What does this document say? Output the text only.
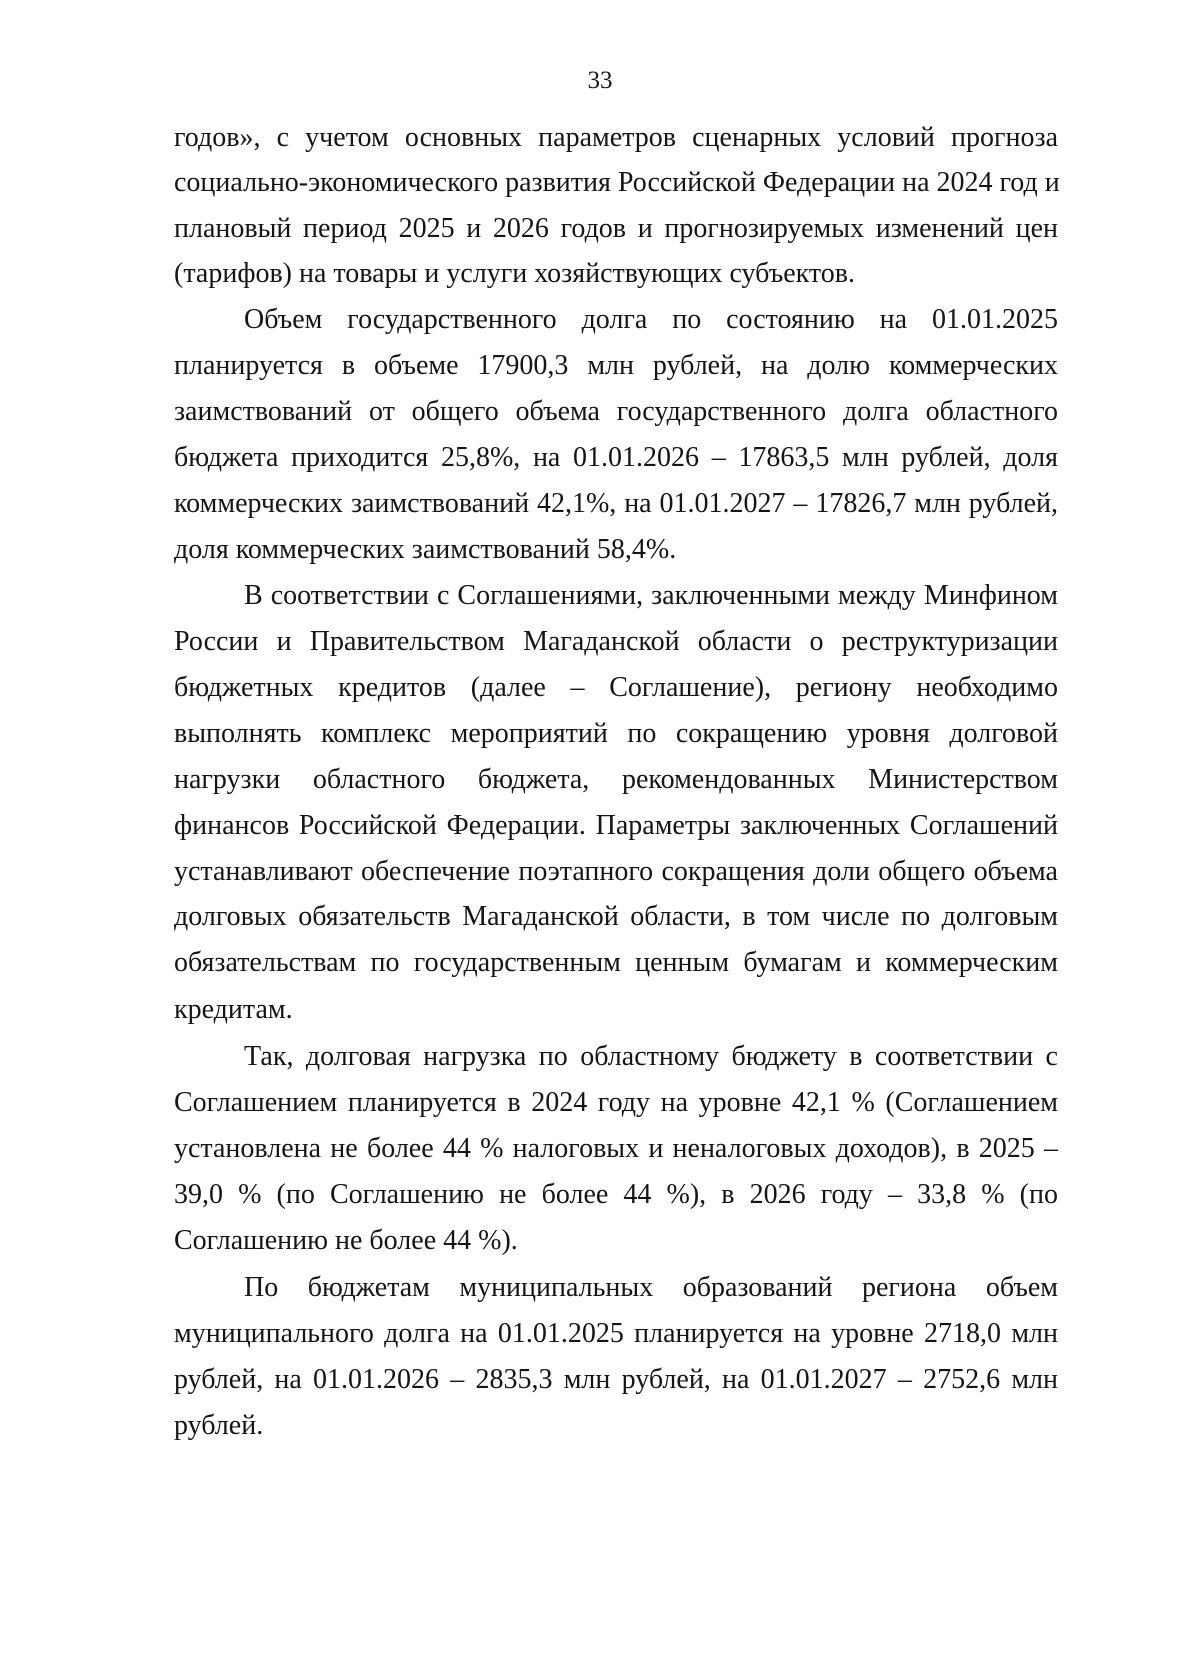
33
годов», с учетом основных параметров сценарных условий прогноза
социально-экономического развития Российской Федерации на 2024 год и
плановый период 2025 и 2026 годов и прогнозируемых изменений цен
(тарифов) на товары и услуги хозяйствующих субъектов.
Объем государственного долга по состоянию на 01.01.2025
планируется в объеме 17900,3 млн рублей, на долю коммерческих
заимствований от общего объема государственного долга областного
бюджета приходится 25,8%, на 01.01.2026 – 17863,5 млн рублей, доля
коммерческих заимствований 42,1%, на 01.01.2027 – 17826,7 млн рублей,
доля коммерческих заимствований 58,4%.
В соответствии с Соглашениями, заключенными между Минфином
России и Правительством Магаданской области о реструктуризации
бюджетных кредитов (далее – Соглашение), региону необходимо
выполнять комплекс мероприятий по сокращению уровня долговой
нагрузки областного бюджета, рекомендованных Министерством
финансов Российской Федерации. Параметры заключенных Соглашений
устанавливают обеспечение поэтапного сокращения доли общего объема
долговых обязательств Магаданской области, в том числе по долговым
обязательствам по государственным ценным бумагам и коммерческим
кредитам.
Так, долговая нагрузка по областному бюджету в соответствии с
Соглашением планируется в 2024 году на уровне 42,1 % (Соглашением
установлена не более 44 % налоговых и неналоговых доходов), в 2025 –
39,0 % (по Соглашению не более 44 %), в 2026 году – 33,8 % (по
Соглашению не более 44 %).
По бюджетам муниципальных образований региона объем
муниципального долга на 01.01.2025 планируется на уровне 2718,0 млн
рублей, на 01.01.2026 – 2835,3 млн рублей, на 01.01.2027 – 2752,6 млн
рублей.
